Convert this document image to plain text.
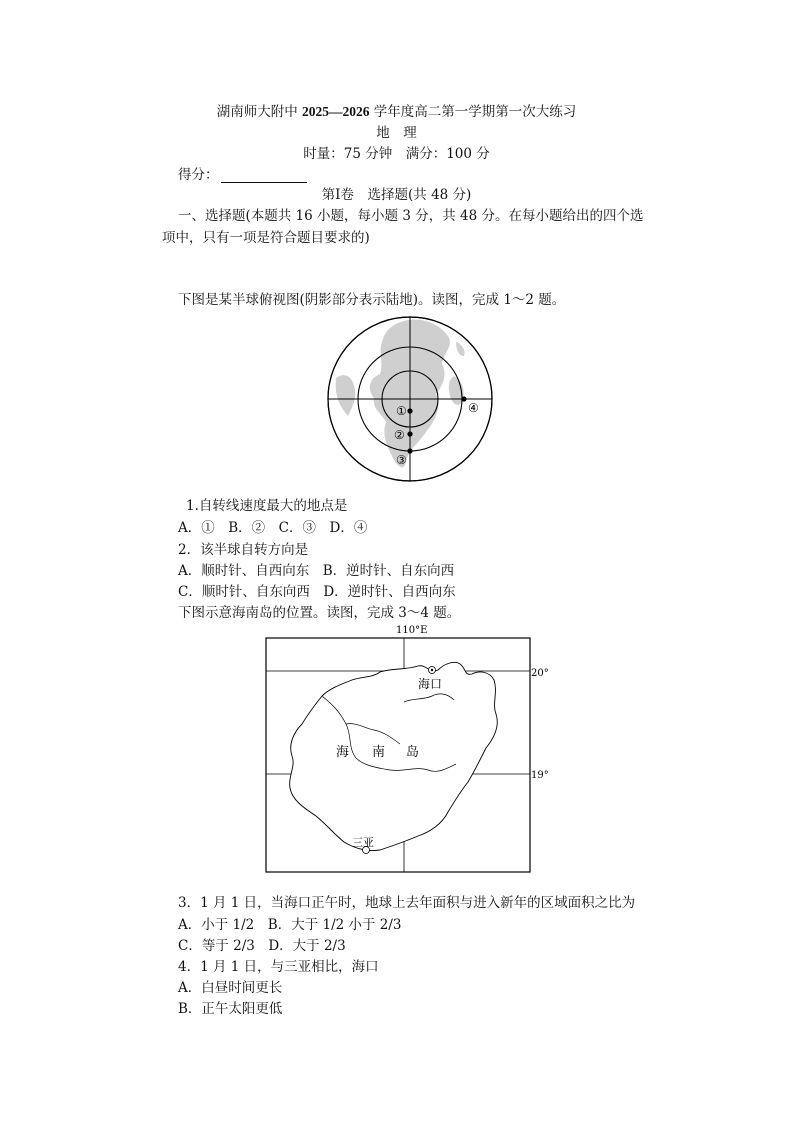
湖南师大附中 2025—2026 学年度高二第一学期第一次大练习
地　理
时量：75 分钟　满分：100 分
得分：
第Ⅰ卷　选择题(共 48 分)
一、选择题(本题共 16 小题，每小题 3 分，共 48 分。在每小题给出的四个选
项中，只有一项是符合题目要求的)
下图是某半球俯视图(阴影部分表示陆地)。读图，完成 1～2 题。
①
②
③
④
1.自转线速度最大的地点是
A．①　B．②　C．③　D．④
2．该半球自转方向是
A．顺时针、自西向东　B．逆时针、自东向西
C．顺时针、自东向西　D．逆时针、自西向东
下图示意海南岛的位置。读图，完成 3～4 题。
110°E
20°
19°
海口
三亚
海 南 岛
3．1 月 1 日，当海口正午时，地球上去年面积与进入新年的区域面积之比为
A．小于 1/2　B．大于 1/2 小于 2/3
C．等于 2/3　D．大于 2/3
4．1 月 1 日，与三亚相比，海口
A．白昼时间更长
B．正午太阳更低
